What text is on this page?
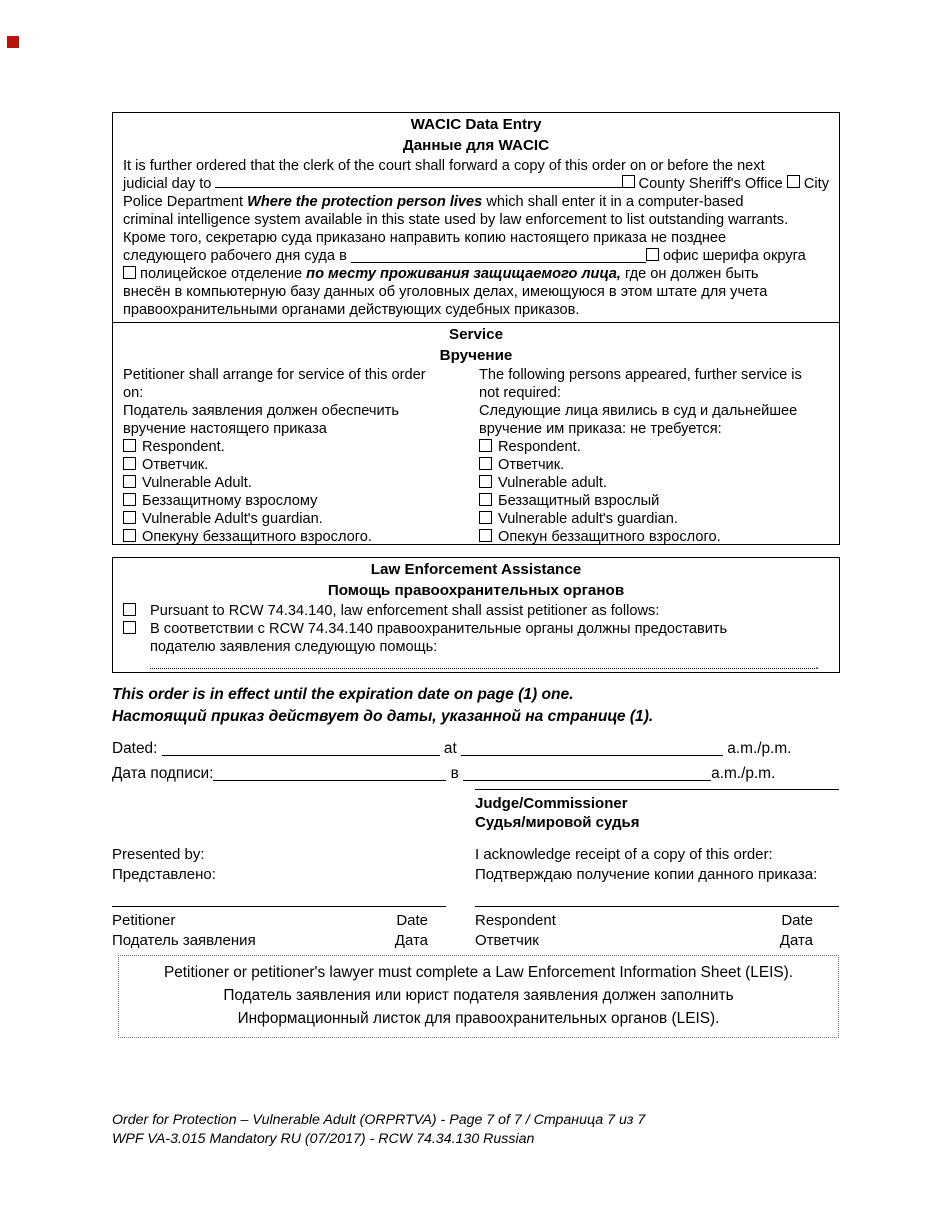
WACIC Data Entry
Данные для WACIC
It is further ordered that the clerk of the court shall forward a copy of this order on or before the next
judicial day to	County Sheriff's Office City
Police Department Where the protection person lives which shall enter it in a computer-based
criminal intelligence system available in this state used by law enforcement to list outstanding warrants.
Кроме того, секретарю суда приказано направить копию настоящего приказа не позднее
следующего рабочего дня суда в	офис шерифа округа
полицейское отделение по месту проживания защищаемого лица, где он должен быть
внесён в компьютерную базу данных об уголовных делах, имеющуюся в этом штате для учета
правоохранительными органами действующих судебных приказов.
Service
Вручение
Petitioner shall arrange for service of this order
on:
Податель заявления должен обеспечить
вручение настоящего приказа
Respondent.
Ответчик.
Vulnerable Adult.
Беззащитному взрослому
Vulnerable Adult's guardian.
Опекуну беззащитного взрослого.
The following persons appeared, further service is
not required:
Следующие лица явились в суд и дальнейшее
вручение им приказа: не требуется:
Respondent.
Ответчик.
Vulnerable adult.
Беззащитный взрослый
Vulnerable adult's guardian.
Опекун беззащитного взрослого.
Law Enforcement Assistance
Помощь правоохранительных органов
Pursuant to RCW 74.34.140, law enforcement shall assist petitioner as follows:
В соответствии с RCW 74.34.140 правоохранительные органы должны предоставить
подателю заявления следующую помощь:
.
This order is in effect until the expiration date on page (1) one.
Настоящий приказ действует до даты, указанной на странице (1).
Dated:	at	a.m./p.m.
Дата подписи:	в	a.m./p.m.
Judge/Commissioner
Судья/мировой судья
Presented by:
Представлено:
I acknowledge receipt of a copy of this order:
Подтверждаю получение копии данного приказа:
Petitioner	Date
Податель заявления	Дата
Respondent	Date
Ответчик	Дата
Petitioner or petitioner's lawyer must complete a Law Enforcement Information Sheet (LEIS).
Податель заявления или юрист подателя заявления должен заполнить
Информационный листок для правоохранительных органов (LEIS).
Order for Protection – Vulnerable Adult (ORPRTVA) - Page 7 of 7 / Страница 7 из 7
WPF VA-3.015 Mandatory RU (07/2017) - RCW 74.34.130 Russian
